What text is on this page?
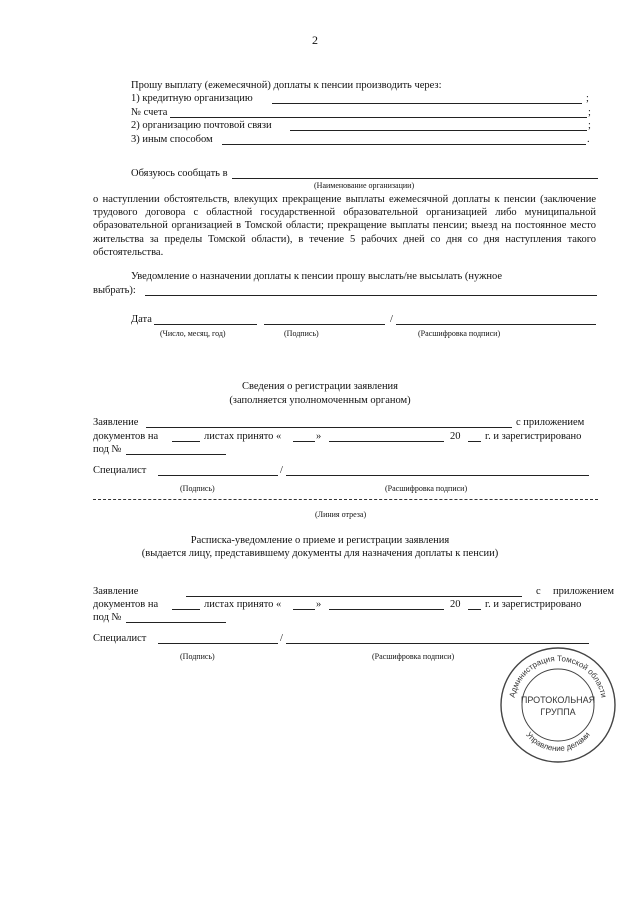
2
Прошу выплату (ежемесячной) доплаты к пенсии производить через:
1) кредитную организацию	;
№ счета	;
2) организацию почтовой связи	;
3) иным способом	.
Обязуюсь сообщать в
(Наименование организации)
о наступлении обстоятельств, влекущих прекращение выплаты ежемесячной доплаты к пенсии (заключение трудового договора с областной государственной образовательной организацией либо муниципальной образовательной организацией в Томской области; прекращение выплаты пенсии; выезд на постоянное место жительства за пределы Томской области), в течение 5 рабочих дней со дня со дня наступления такого обстоятельства.
Уведомление о назначении доплаты к пенсии прошу выслать/не высылать (нужное
выбрать):
Дата	/
(Число, месяц, год)	(Подпись)	(Расшифровка подписи)
Сведения о регистрации заявления
(заполняется уполномоченным органом)
Заявление	с приложением
документов на	листах принято «	»	20 г. и зарегистрировано
под №
Специалист	/
(Подпись)	(Расшифровка подписи)
(Линия отреза)
Расписка-уведомление о приеме и регистрации заявления
(выдается лицу, представившему документы для назначения доплаты к пенсии)
Заявление	с приложением
документов на	листах принято «	»	20 г. и зарегистрировано
под №
Специалист	/
(Подпись)	(Расшифровка подписи)
Администрация Томской области
Управление делами
ПРОТОКОЛЬНАЯ
ГРУППА
